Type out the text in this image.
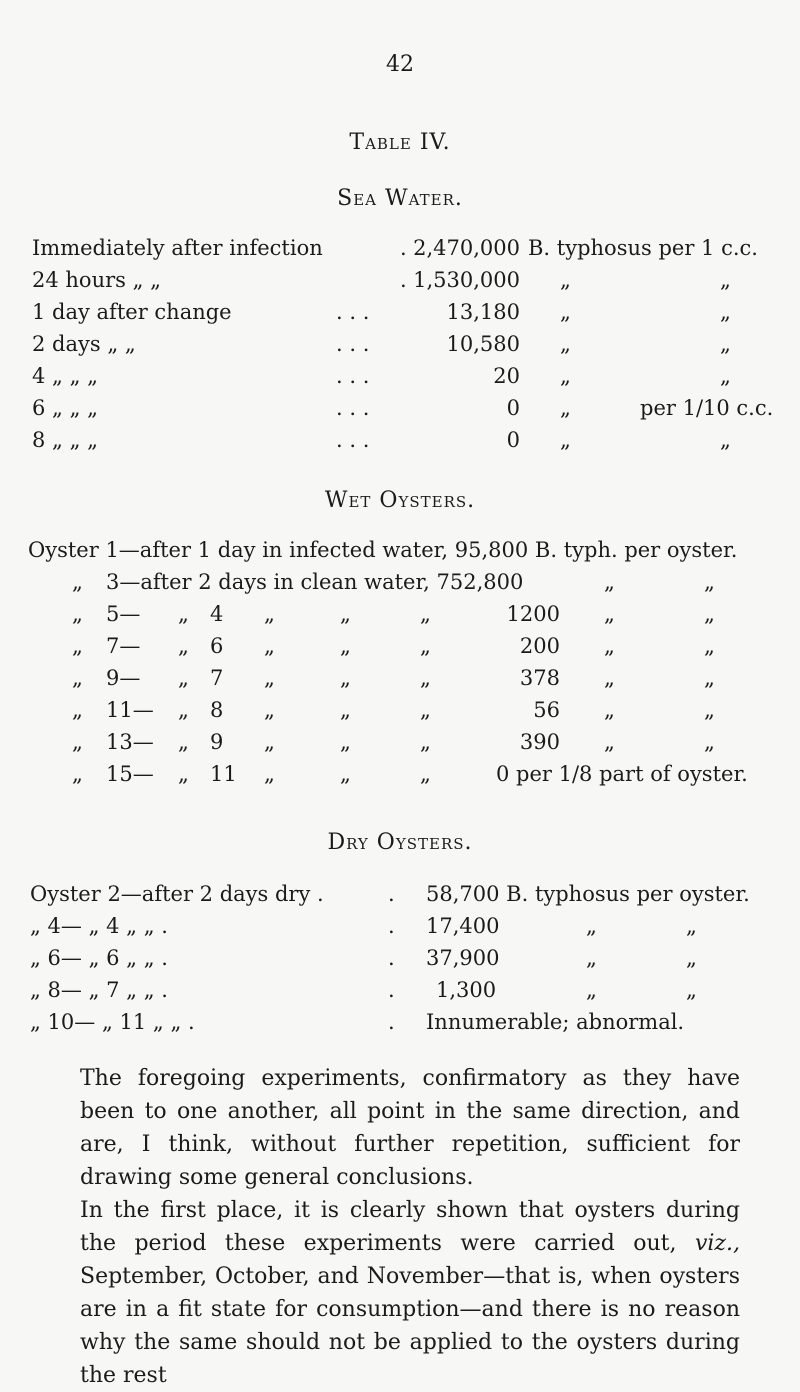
42
Table IV.
Sea Water.
Immediately after infection	. 2,470,000 B. typhosus per 1 c.c.
24 hours „ „	. 1,530,000 „	„
1 day after change	. . .	13,180 „	„
2 days „ „	. . .	10,580 „	„
4 „ „ „	. . .	20 „	„
6 „ „ „	. . .	0 „	per 1/10 c.c.
8 „ „ „	. . .	0 „	„
Wet Oysters.
Oyster 1—after 1 day in infected water, 95,800 B. typh. per oyster.
„ 3—after 2 days in clean water, 752,800	„	„
„ 5— „ 4 „	„	„	1200 „	„
„ 7— „ 6 „	„	„	200 „	„
„ 9— „ 7 „	„	„	378 „	„
„ 11— „ 8 „	„	„	56 „	„
„ 13— „ 9 „	„	„	390 „	„
„ 15— „ 11 „	„	„	0 per 1/8 part of oyster.
Dry Oysters.
Oyster 2—after 2 days dry .	. 58,700 B. typhosus per oyster.
„ 4— „ 4 „ „ .	. 17,400	„	„
„ 6— „ 6 „ „ .	. 37,900	„	„
„ 8— „ 7 „ „ .	. 1,300	„	„
„ 10— „ 11 „ „ .	. Innumerable; abnormal.

The foregoing experiments, confirmatory as they have been to one another, all point in the same direction, and are, I think, without further repetition, sufficient for drawing some general conclusions.

In the first place, it is clearly shown that oysters during the period these experiments were carried out, viz., September, October, and November—that is, when oysters are in a fit state for consumption—and there is no reason why the same should not be applied to the oysters during the rest
